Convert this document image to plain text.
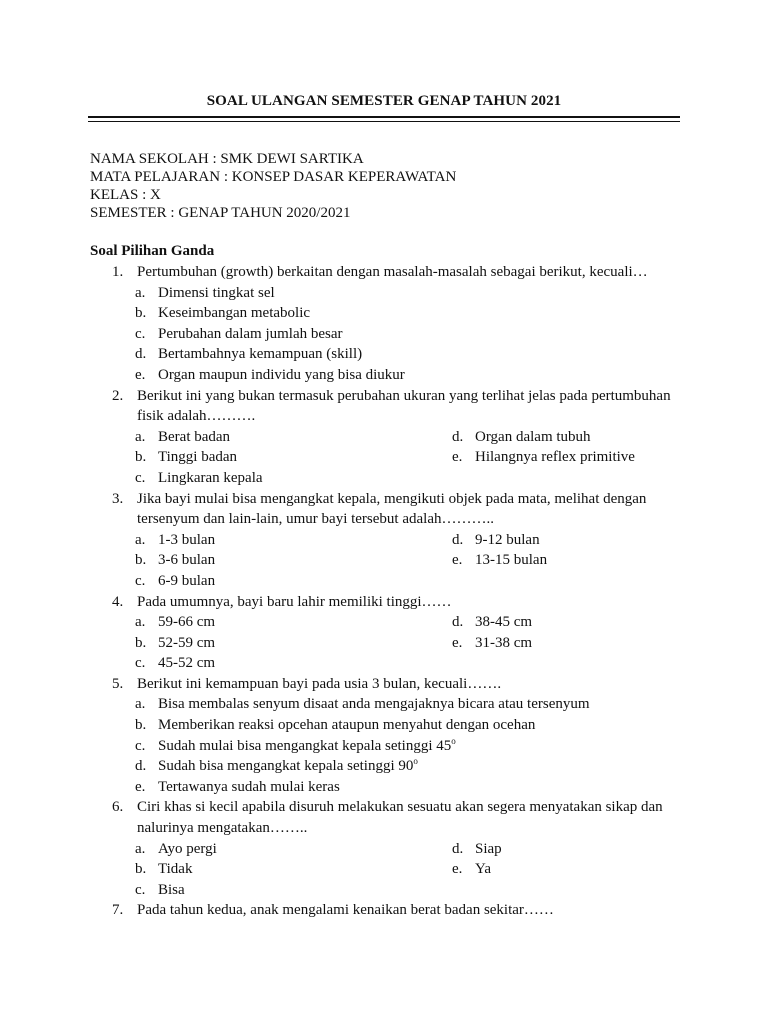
SOAL ULANGAN SEMESTER GENAP TAHUN 2021
NAMA SEKOLAH : SMK DEWI SARTIKA
MATA PELAJARAN : KONSEP DASAR KEPERAWATAN
KELAS : X
SEMESTER : GENAP TAHUN 2020/2021
Soal Pilihan Ganda
1. Pertumbuhan (growth) berkaitan dengan masalah-masalah sebagai berikut, kecuali…
a. Dimensi tingkat sel
b. Keseimbangan metabolic
c. Perubahan dalam jumlah besar
d. Bertambahnya kemampuan (skill)
e. Organ maupun individu yang bisa diukur
2. Berikut ini yang bukan termasuk perubahan ukuran yang terlihat jelas pada pertumbuhan
fisik adalah……….
a. Berat badan	d. Organ dalam tubuh
b. Tinggi badan	e. Hilangnya reflex primitive
c. Lingkaran kepala
3. Jika bayi mulai bisa mengangkat kepala, mengikuti objek pada mata, melihat dengan
tersenyum dan lain-lain, umur bayi tersebut adalah………..
a. 1-3 bulan	d. 9-12 bulan
b. 3-6 bulan	e. 13-15 bulan
c. 6-9 bulan
4. Pada umumnya, bayi baru lahir memiliki tinggi……
a. 59-66 cm	d. 38-45 cm
b. 52-59 cm	e. 31-38 cm
c. 45-52 cm
5. Berikut ini kemampuan bayi pada usia 3 bulan, kecuali…….
a. Bisa membalas senyum disaat anda mengajaknya bicara atau tersenyum
b. Memberikan reaksi opcehan ataupun menyahut dengan ocehan
c. Sudah mulai bisa mengangkat kepala setinggi 45$^o$
d. Sudah bisa mengangkat kepala setinggi 90$^o$
e. Tertawanya sudah mulai keras
6. Ciri khas si kecil apabila disuruh melakukan sesuatu akan segera menyatakan sikap dan
nalurinya mengatakan……..
a. Ayo pergi	d. Siap
b. Tidak	e. Ya
c. Bisa
7. Pada tahun kedua, anak mengalami kenaikan berat badan sekitar……
